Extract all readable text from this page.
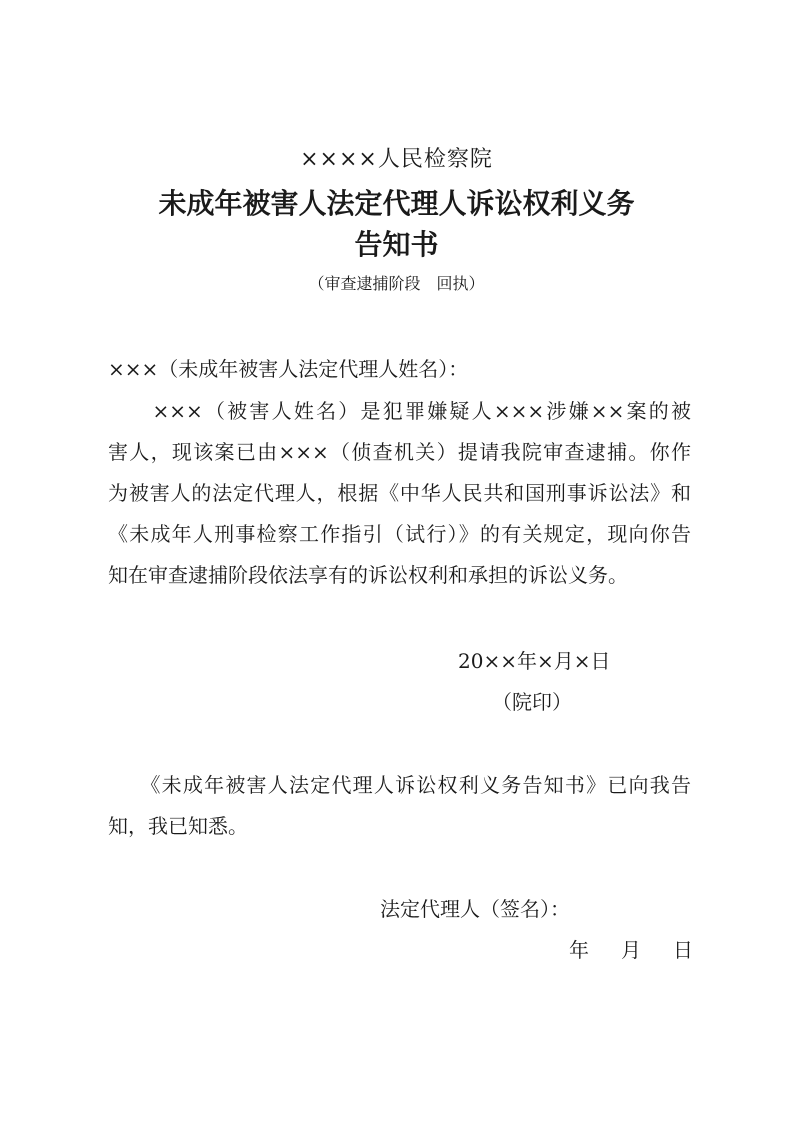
××××人民检察院
未成年被害人法定代理人诉讼权利义务
告知书
（审查逮捕阶段　回执）
×××（未成年被害人法定代理人姓名）：
　　×××（被害人姓名）是犯罪嫌疑人×××涉嫌××案的被
害人，现该案已由×××（侦查机关）提请我院审查逮捕。你作
为被害人的法定代理人，根据《中华人民共和国刑事诉讼法》和
《未成年人刑事检察工作指引（试行）》的有关规定，现向你告
知在审查逮捕阶段依法享有的诉讼权利和承担的诉讼义务。
20××年×月×日
（院印）
　　《未成年被害人法定代理人诉讼权利义务告知书》已向我告
知，我已知悉。
法定代理人（签名）：
年 月 日
